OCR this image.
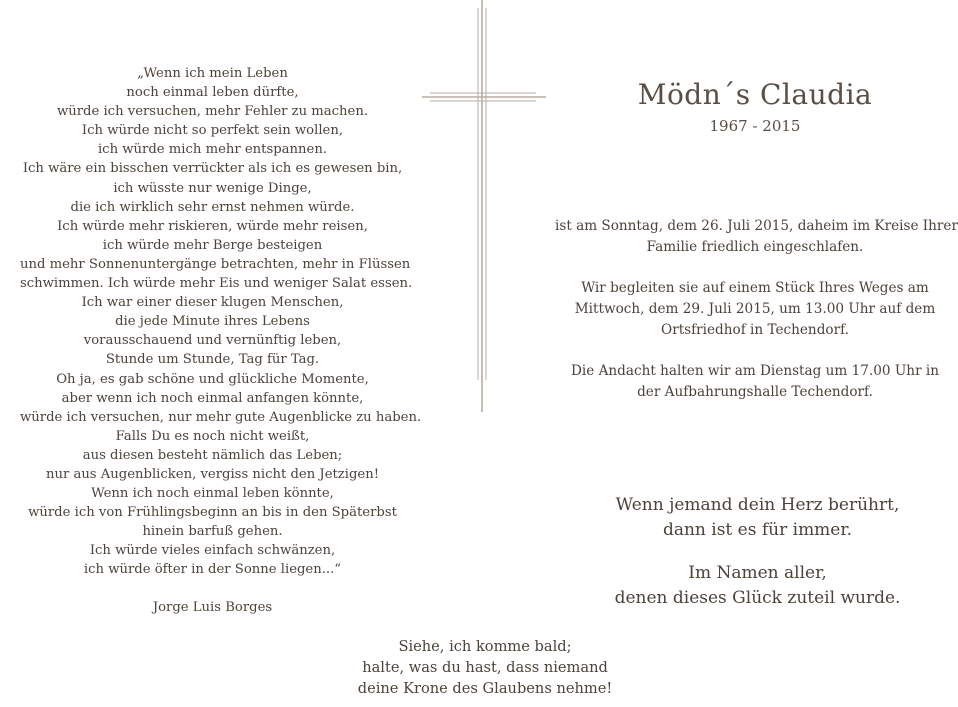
„Wenn ich mein Leben
noch einmal leben dürfte,
würde ich versuchen, mehr Fehler zu machen.
Ich würde nicht so perfekt sein wollen,
ich würde mich mehr entspannen.
Ich wäre ein bisschen verrückter als ich es gewesen bin,
ich wüsste nur wenige Dinge,
die ich wirklich sehr ernst nehmen würde.
Ich würde mehr riskieren, würde mehr reisen,
ich würde mehr Berge besteigen
und mehr Sonnenuntergänge betrachten, mehr in Flüssen
schwimmen. Ich würde mehr Eis und weniger Salat essen.
Ich war einer dieser klugen Menschen,
die jede Minute ihres Lebens
vorausschauend und vernünftig leben,
Stunde um Stunde, Tag für Tag.
Oh ja, es gab schöne und glückliche Momente,
aber wenn ich noch einmal anfangen könnte,
würde ich versuchen, nur mehr gute Augenblicke zu haben.
Falls Du es noch nicht weißt,
aus diesen besteht nämlich das Leben;
nur aus Augenblicken, vergiss nicht den Jetzigen!
Wenn ich noch einmal leben könnte,
würde ich von Frühlingsbeginn an bis in den Späterbst
hinein barfuß gehen.
Ich würde vieles einfach schwänzen,
ich würde öfter in der Sonne liegen...“
Jorge Luis Borges
Mödn´s Claudia
1967 - 2015

ist am Sonntag, dem 26. Juli 2015, daheim im Kreise Ihrer
Familie friedlich eingeschlafen.

Wir begleiten sie auf einem Stück Ihres Weges am
Mittwoch, dem 29. Juli 2015, um 13.00 Uhr auf dem
Ortsfriedhof in Techendorf.

Die Andacht halten wir am Dienstag um 17.00 Uhr in
der Aufbahrungshalle Techendorf.

Wenn jemand dein Herz berührt,
dann ist es für immer.

Im Namen aller,
denen dieses Glück zuteil wurde.

Siehe, ich komme bald;
halte, was du hast, dass niemand
deine Krone des Glaubens nehme!
